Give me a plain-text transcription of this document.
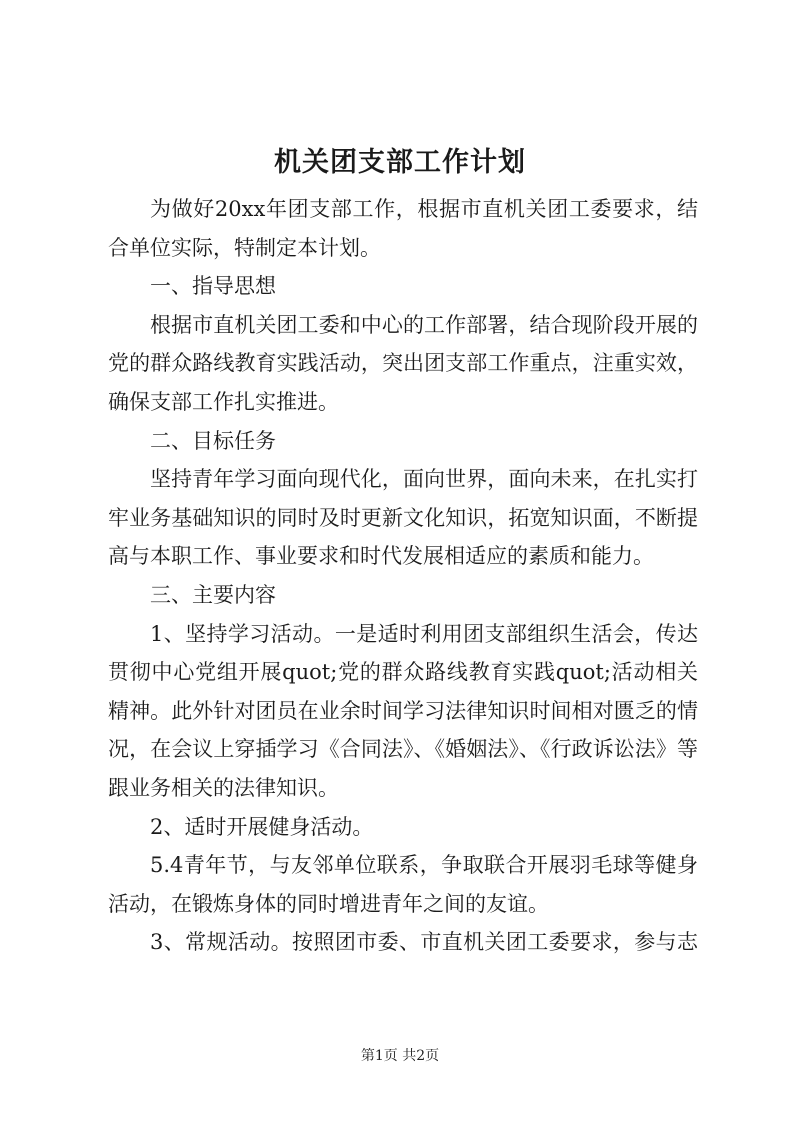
机关团支部工作计划
为做好20xx年团支部工作，根据市直机关团工委要求，结
合单位实际，特制定本计划。
一、指导思想
根据市直机关团工委和中心的工作部署，结合现阶段开展的
党的群众路线教育实践活动，突出团支部工作重点，注重实效，
确保支部工作扎实推进。
二、目标任务
坚持青年学习面向现代化，面向世界，面向未来，在扎实打
牢业务基础知识的同时及时更新文化知识，拓宽知识面，不断提
高与本职工作、事业要求和时代发展相适应的素质和能力。
三、主要内容
1、坚持学习活动。一是适时利用团支部组织生活会，传达
贯彻中心党组开展quot;党的群众路线教育实践quot;活动相关
精神。此外针对团员在业余时间学习法律知识时间相对匮乏的情
况，在会议上穿插学习《合同法》、《婚姻法》、《行政诉讼法》等
跟业务相关的法律知识。
2、适时开展健身活动。
5.4青年节，与友邻单位联系，争取联合开展羽毛球等健身
活动，在锻炼身体的同时增进青年之间的友谊。
3、常规活动。按照团市委、市直机关团工委要求，参与志
第1页 共2页
